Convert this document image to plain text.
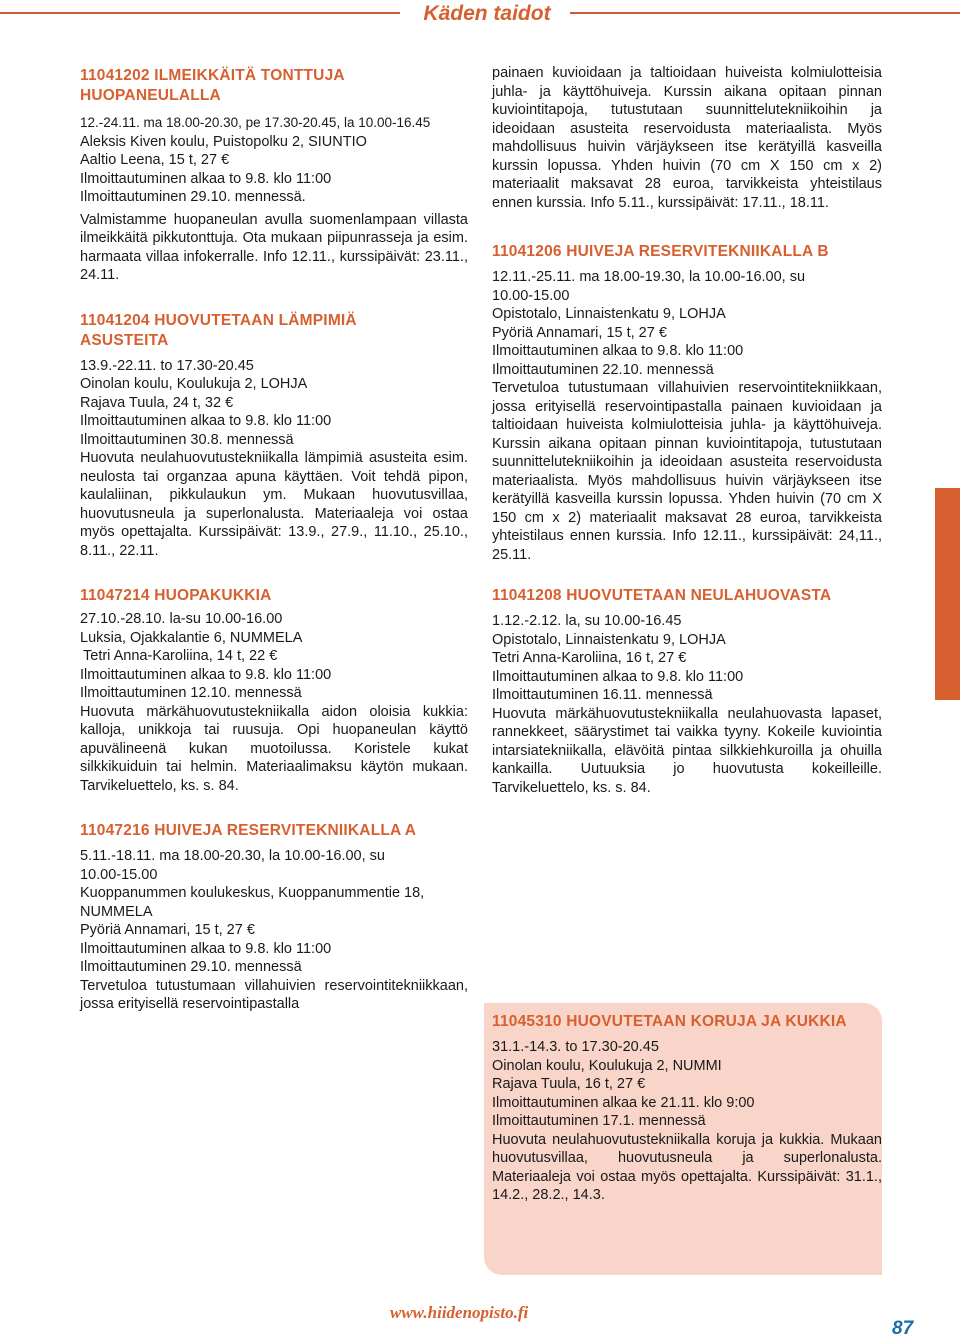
Käden taidot

11041202 ILMEIKKÄITÄ TONTTUJA HUOPANEULALLA

12.-24.11. ma 18.00-20.30, pe 17.30-20.45, la 10.00-16.45

Aleksis Kiven koulu, Puistopolku 2, SIUNTIO

Aaltio Leena, 15 t, 27 €

Ilmoittautuminen alkaa to 9.8. klo 11:00

Ilmoittautuminen 29.10. mennessä.

Valmistamme huopaneulan avulla suomenlampaan villasta ilmeikkäitä pikkutonttuja. Ota mukaan piipunrasseja ja esim. harmaata villaa infokerralle. Info 12.11., kurssipäivät: 23.11., 24.11.

11041204 HUOVUTETAAN LÄMPIMIÄ ASUSTEITA

13.9.-22.11. to 17.30-20.45

Oinolan koulu, Koulukuja 2, LOHJA

Rajava Tuula, 24 t, 32 €

Ilmoittautuminen alkaa to 9.8. klo 11:00

Ilmoittautuminen 30.8. mennessä

Huovuta neulahuovutustekniikalla lämpimiä asusteita esim. neulosta tai organzaa apuna käyttäen. Voit tehdä pipon, kaulaliinan, pikkulaukun ym. Mukaan huovutusvillaa, huovutusneula ja superlonalusta. Materiaaleja voi ostaa myös opettajalta. Kurssipäivät: 13.9., 27.9., 11.10., 25.10., 8.11., 22.11.

11047214 HUOPAKUKKIA

27.10.-28.10. la-su 10.00-16.00

Luksia, Ojakkalantie 6, NUMMELA

Tetri Anna-Karoliina, 14 t, 22 €

Ilmoittautuminen alkaa to 9.8. klo 11:00

Ilmoittautuminen 12.10. mennessä

Huovuta märkähuovutustekniikalla aidon oloisia kukkia: kalloja, unikkoja tai ruusuja. Opi huopaneulan käyttö apuvälineenä kukan muotoilussa. Koristele kukat silkkikuiduin tai helmin. Materiaalimaksu käytön mukaan. Tarvikeluettelo, ks. s. 84.

11047216 HUIVEJA RESERVITEKNIIKALLA A

5.11.-18.11. ma 18.00-20.30, la 10.00-16.00, su 10.00-15.00

Kuoppanummen koulukeskus, Kuoppanummentie 18, NUMMELA

Pyöriä Annamari, 15 t, 27 €

Ilmoittautuminen alkaa to 9.8. klo 11:00

Ilmoittautuminen 29.10. mennessä

Tervetuloa tutustumaan villahuivien reservointitekniikkaan, jossa erityisellä reservointipastalla

painaen kuvioidaan ja taltioidaan huiveista kolmiulotteisia juhla- ja käyttöhuiveja. Kurssin aikana opitaan pinnan kuviointitapoja, tutustutaan suunnittelutekniikoihin ja ideoidaan asusteita reservoidusta materiaalista. Myös mahdollisuus huivin värjäykseen itse kerätyillä kasveilla kurssin lopussa. Yhden huivin (70 cm X 150 cm x 2) materiaalit maksavat 28 euroa, tarvikkeista yhteistilaus ennen kurssia. Info 5.11., kurssipäivät: 17.11., 18.11.

11041206 HUIVEJA RESERVITEKNIIKALLA B

12.11.-25.11. ma 18.00-19.30, la 10.00-16.00, su 10.00-15.00

Opistotalo, Linnaistenkatu 9, LOHJA

Pyöriä Annamari, 15 t, 27 €

Ilmoittautuminen alkaa to 9.8. klo 11:00

Ilmoittautuminen 22.10. mennessä

Tervetuloa tutustumaan villahuivien reservointitekniikkaan, jossa erityisellä reservointipastalla painaen kuvioidaan ja taltioidaan huiveista kolmiulotteisia juhla- ja käyttöhuiveja. Kurssin aikana opitaan pinnan kuviointitapoja, tutustutaan suunnittelutekniikoihin ja ideoidaan asusteita reservoidusta materiaalista. Myös mahdollisuus huivin värjäykseen itse kerätyillä kasveilla kurssin lopussa. Yhden huivin (70 cm X 150 cm x 2) materiaalit maksavat 28 euroa, tarvikkeista yhteistilaus ennen kurssia. Info 12.11., kurssipäivät: 24,11., 25.11.

11041208 HUOVUTETAAN NEULAHUOVASTA

1.12.-2.12. la, su 10.00-16.45

Opistotalo, Linnaistenkatu 9, LOHJA

Tetri Anna-Karoliina, 16 t, 27 €

Ilmoittautuminen alkaa to 9.8. klo 11:00

Ilmoittautuminen 16.11. mennessä

Huovuta märkähuovutustekniikalla neulahuovasta lapaset, rannekkeet, säärystimet tai vaikka tyyny. Kokeile kuviointia intarsiatekniikalla, elävöitä pintaa silkkiehkuroilla ja ohuilla kankailla. Uutuuksia jo huovutusta kokeilleille. Tarvikeluettelo, ks. s. 84.

11045310 HUOVUTETAAN KORUJA JA KUKKIA

31.1.-14.3. to 17.30-20.45

Oinolan koulu, Koulukuja 2, NUMMI

Rajava Tuula, 16 t, 27 €

Ilmoittautuminen alkaa ke 21.11. klo 9:00

Ilmoittautuminen 17.1. mennessä

Huovuta neulahuovutustekniikalla koruja ja kukkia. Mukaan huovutusvillaa, huovutusneula ja superlonalusta. Materiaaleja voi ostaa myös opettajalta. Kurssipäivät: 31.1., 14.2., 28.2., 14.3.

www.hiidenopisto.fi
87
